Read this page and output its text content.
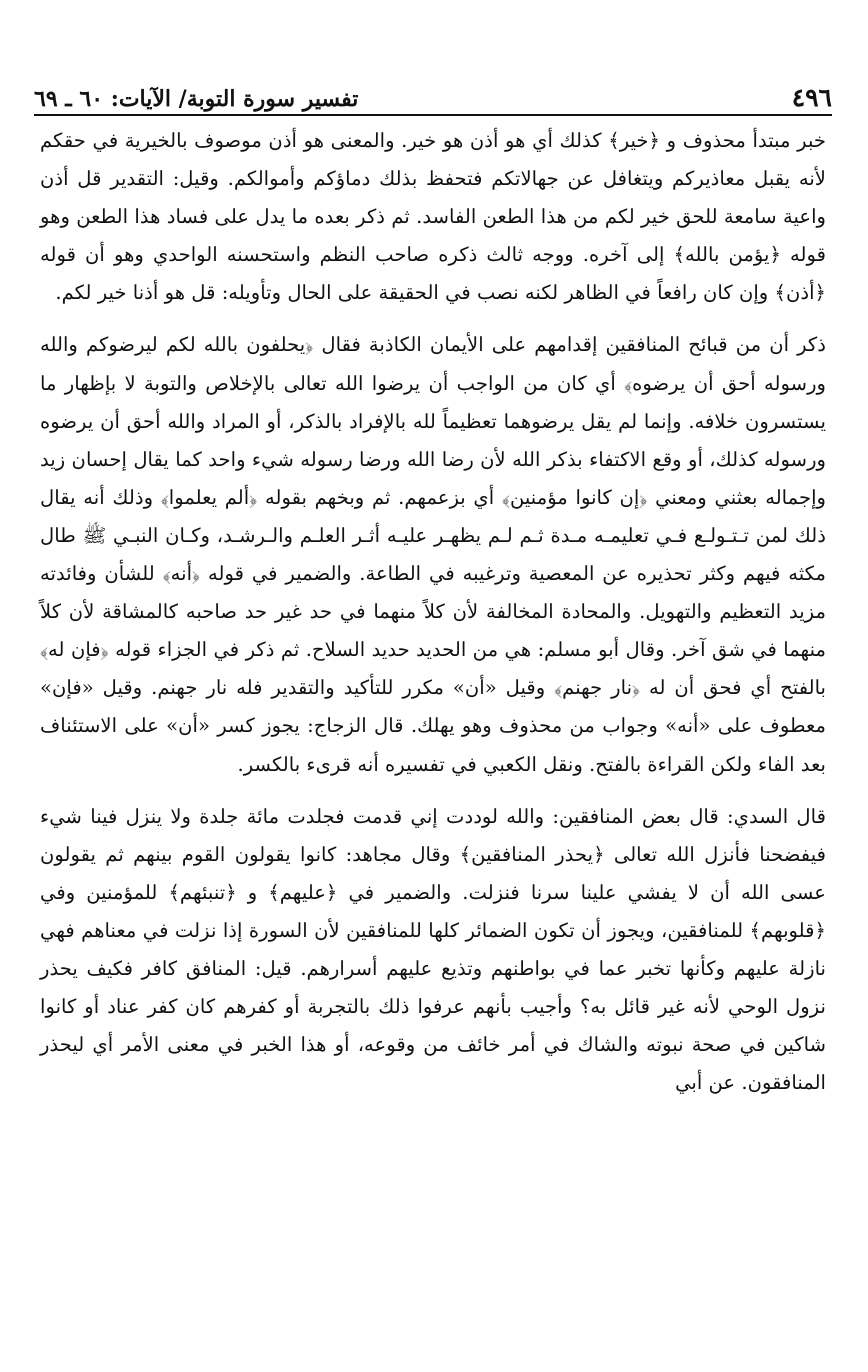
٤٩٦
تفسير سورة التوبة/ الآيات: ٦٠ ـ ٦٩

خبر مبتدأ محذوف و ﴿خير﴾ كذلك أي هو أذن هو خير. والمعنى هو أذن موصوف بالخيرية في حقكم لأنه يقبل معاذيركم ويتغافل عن جهالاتكم فتحفظ بذلك دماؤكم وأموالكم. وقيل: التقدير قل أذن واعية سامعة للحق خير لكم من هذا الطعن الفاسد. ثم ذكر بعده ما يدل على فساد هذا الطعن وهو قوله ﴿يؤمن بالله﴾ إلى آخره. ووجه ثالث ذكره صاحب النظم واستحسنه الواحدي وهو أن قوله ﴿أذن﴾ وإن كان رافعاً في الظاهر لكنه نصب في الحقيقة على الحال وتأويله: قل هو أذنا خير لكم.

ذكر أن من قبائح المنافقين إقدامهم على الأيمان الكاذبة فقال ﴿يحلفون بالله لكم ليرضوكم والله ورسوله أحق أن يرضوه﴾ أي كان من الواجب أن يرضوا الله تعالى بالإخلاص والتوبة لا بإظهار ما يستسرون خلافه. وإنما لم يقل يرضوهما تعظيماً لله بالإفراد بالذكر، أو المراد والله أحق أن يرضوه ورسوله كذلك، أو وقع الاكتفاء بذكر الله لأن رضا الله ورضا رسوله شيء واحد كما يقال إحسان زيد وإجماله بعثني ومعني ﴿إن كانوا مؤمنين﴾ أي بزعمهم. ثم وبخهم بقوله ﴿ألم يعلموا﴾ وذلك أنه يقال ذلك لمن تـتـولـع فـي تعليمـه مـدة ثـم لـم يظهـر عليـه أثـر العلـم والـرشـد، وكـان النبـي ﷺ طال مكثه فيهم وكثر تحذيره عن المعصية وترغيبه في الطاعة. والضمير في قوله ﴿أنه﴾ للشأن وفائدته مزيد التعظيم والتهويل. والمحادة المخالفة لأن كلاً منهما في حد غير حد صاحبه كالمشاقة لأن كلاً منهما في شق آخر. وقال أبو مسلم: هي من الحديد حديد السلاح. ثم ذكر في الجزاء قوله ﴿فإن له﴾ بالفتح أي فحق أن له ﴿نار جهنم﴾ وقيل «أن» مكرر للتأكيد والتقدير فله نار جهنم. وقيل «فإن» معطوف على «أنه» وجواب من محذوف وهو يهلك. قال الزجاج: يجوز كسر «أن» على الاستئناف بعد الفاء ولكن القراءة بالفتح. ونقل الكعبي في تفسيره أنه قرىء بالكسر.

قال السدي: قال بعض المنافقين: والله لوددت إني قدمت فجلدت مائة جلدة ولا ينزل فينا شيء فيفضحنا فأنزل الله تعالى ﴿يحذر المنافقين﴾ وقال مجاهد: كانوا يقولون القوم بينهم ثم يقولون عسى الله أن لا يفشي علينا سرنا فنزلت. والضمير في ﴿عليهم﴾ و ﴿تنبئهم﴾ للمؤمنين وفي ﴿قلوبهم﴾ للمنافقين، ويجوز أن تكون الضمائر كلها للمنافقين لأن السورة إذا نزلت في معناهم فهي نازلة عليهم وكأنها تخبر عما في بواطنهم وتذيع عليهم أسرارهم. قيل: المنافق كافر فكيف يحذر نزول الوحي لأنه غير قائل به؟ وأجيب بأنهم عرفوا ذلك بالتجربة أو كفرهم كان كفر عناد أو كانوا شاكين في صحة نبوته والشاك في أمر خائف من وقوعه، أو هذا الخبر في معنى الأمر أي ليحذر المنافقون. عن أبي
